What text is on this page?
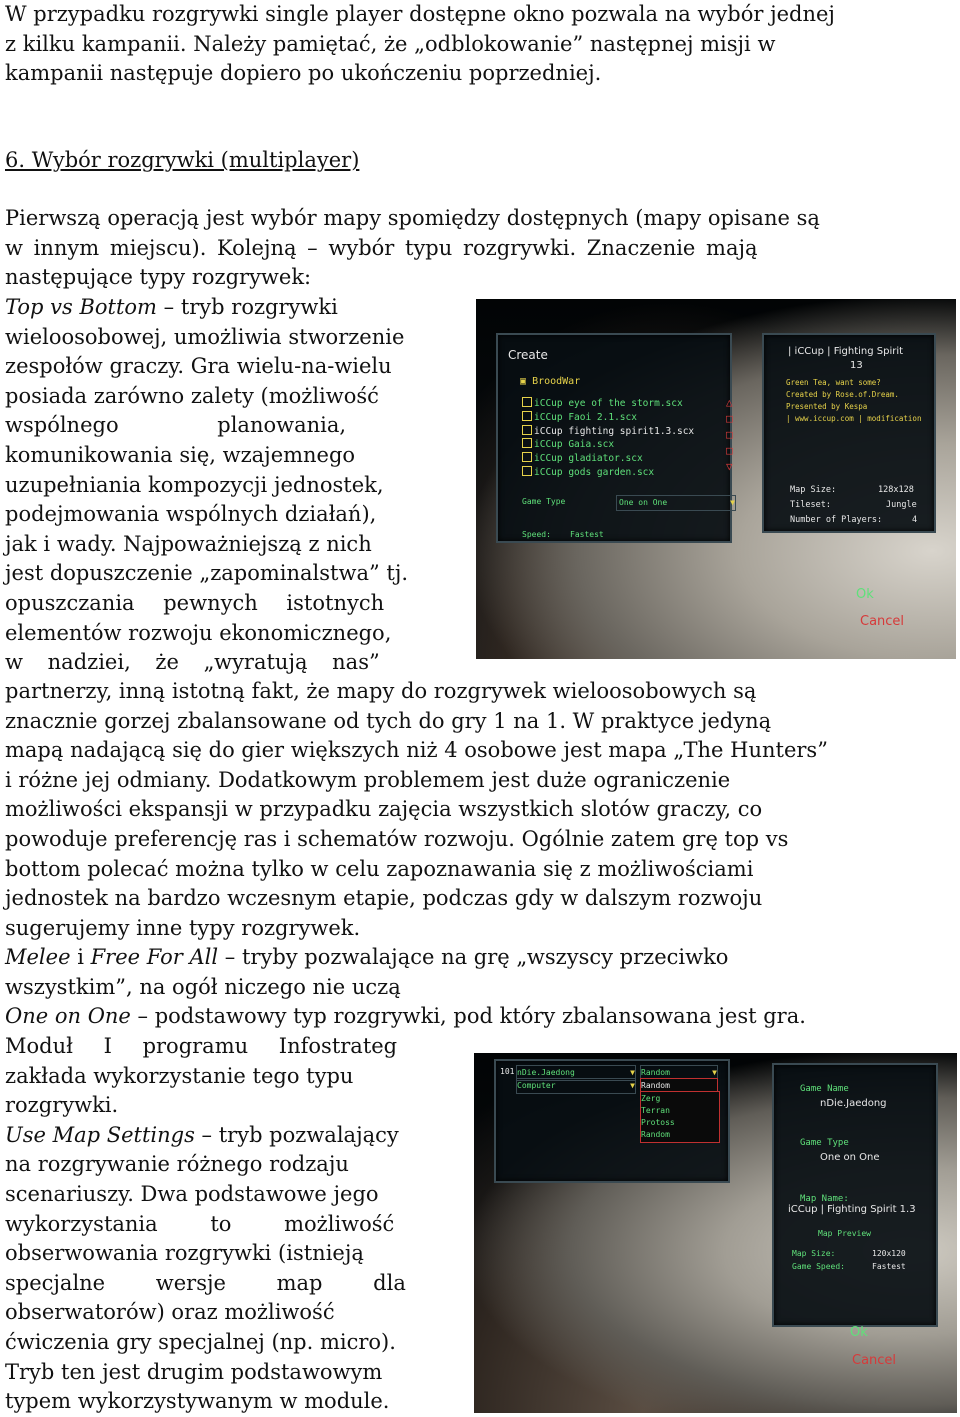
W przypadku rozgrywki single player dostępne okno pozwala na wybór jednej
z kilku kampanii. Należy pamiętać, że „odblokowanie” następnej misji w
kampanii następuje dopiero po ukończeniu poprzedniej.
6. Wybór rozgrywki (multiplayer)
Pierwszą operacją jest wybór mapy spomiędzy dostępnych (mapy opisane są
w innym miejscu). Kolejną – wybór typu rozgrywki. Znaczenie mają
następujące typy rozgrywek:
Top vs Bottom – tryb rozgrywki
wieloosobowej, umożliwia stworzenie
zespołów graczy. Gra wielu-na-wielu
posiada zarówno zalety (możliwość
wspólnego planowania,
komunikowania się, wzajemnego
uzupełniania kompozycji jednostek,
podejmowania wspólnych działań),
jak i wady. Najpoważniejszą z nich
jest dopuszczenie „zapominalstwa” tj.
opuszczania pewnych istotnych
elementów rozwoju ekonomicznego,
w nadziei, że „wyratują nas”
Create
▣ BroodWar
iCCup eye of the storm.scx
iCCup Faoi 2.1.scx
iCCup fighting spirit1.3.scx
iCCup Gaia.scx
iCCup gladiator.scx
iCCup gods garden.scx
△
□
□
□
▽
Game Type	One on One	▼
Speed: Fastest
| iCCup | Fighting Spirit
13
Green Tea, want some?
Created by Rose.of.Dream.
Presented by Kespa
| www.iccup.com | modification
Map Size:	128x128
Tileset:	Jungle
Number of Players:	4
Ok
Cancel
partnerzy, inną istotną fakt, że mapy do rozgrywek wieloosobowych są
znacznie gorzej zbalansowane od tych do gry 1 na 1. W praktyce jedyną
mapą nadającą się do gier większych niż 4 osobowe jest mapa „The Hunters”
i różne jej odmiany. Dodatkowym problemem jest duże ograniczenie
możliwości ekspansji w przypadku zajęcia wszystkich slotów graczy, co
powoduje preferencję ras i schematów rozwoju. Ogólnie zatem grę top vs
bottom polecać można tylko w celu zapoznawania się z możliwościami
jednostek na bardzo wczesnym etapie, podczas gdy w dalszym rozwoju
sugerujemy inne typy rozgrywek.
Melee i Free For All – tryby pozwalające na grę „wszyscy przeciwko
wszystkim”, na ogół niczego nie uczą
One on One – podstawowy typ rozgrywki, pod który zbalansowana jest gra.
Moduł I programu Infostrateg
zakłada wykorzystanie tego typu
rozgrywki.
Use Map Settings – tryb pozwalający
na rozgrywanie różnego rodzaju
scenariuszy. Dwa podstawowe jego
wykorzystania to możliwość
obserwowania rozgrywki (istnieją
specjalne wersje map dla
obserwatorów) oraz możliwość
ćwiczenia gry specjalnej (np. micro).
Tryb ten jest drugim podstawowym
typem wykorzystywanym w module.
101 nDie.Jaedong	▼
Computer	▼
Random	▼
Random
Zerg
Terran
Protoss
Random
Game Name
nDie.Jaedong
Game Type
One on One
Map Name:
iCCup | Fighting Spirit 1.3
Map Preview
Map Size:	120x120
Game Speed:	Fastest
Ok
Cancel
